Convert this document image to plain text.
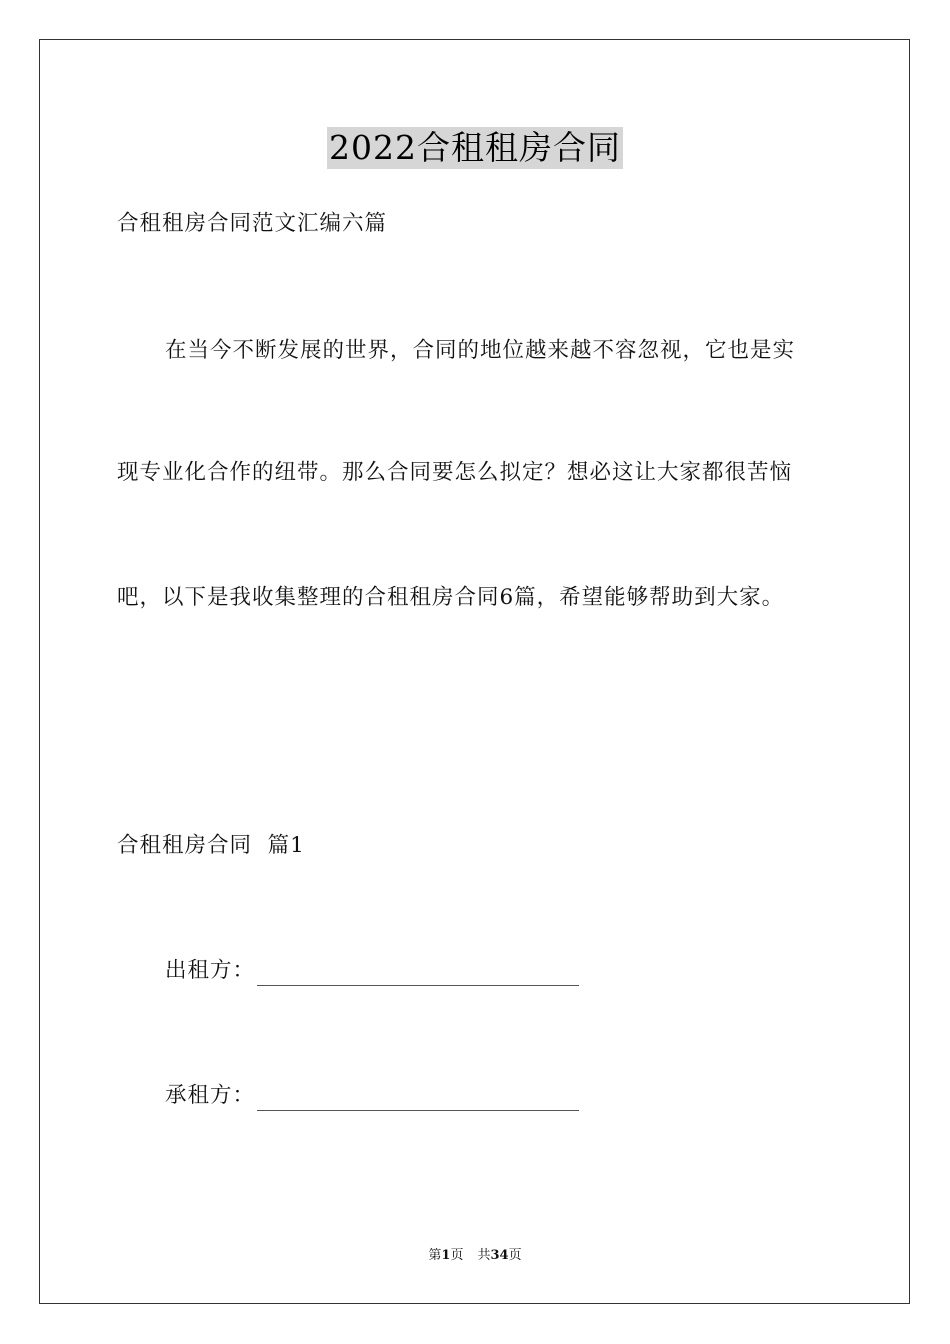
2022合租租房合同
合租租房合同范文汇编六篇
在当今不断发展的世界，合同的地位越来越不容忽视，它也是实
现专业化合作的纽带。那么合同要怎么拟定？想必这让大家都很苦恼
吧，以下是我收集整理的合租租房合同6篇，希望能够帮助到大家。
合租租房合同  篇1
出租方：
承租方：
第1页 共34页
